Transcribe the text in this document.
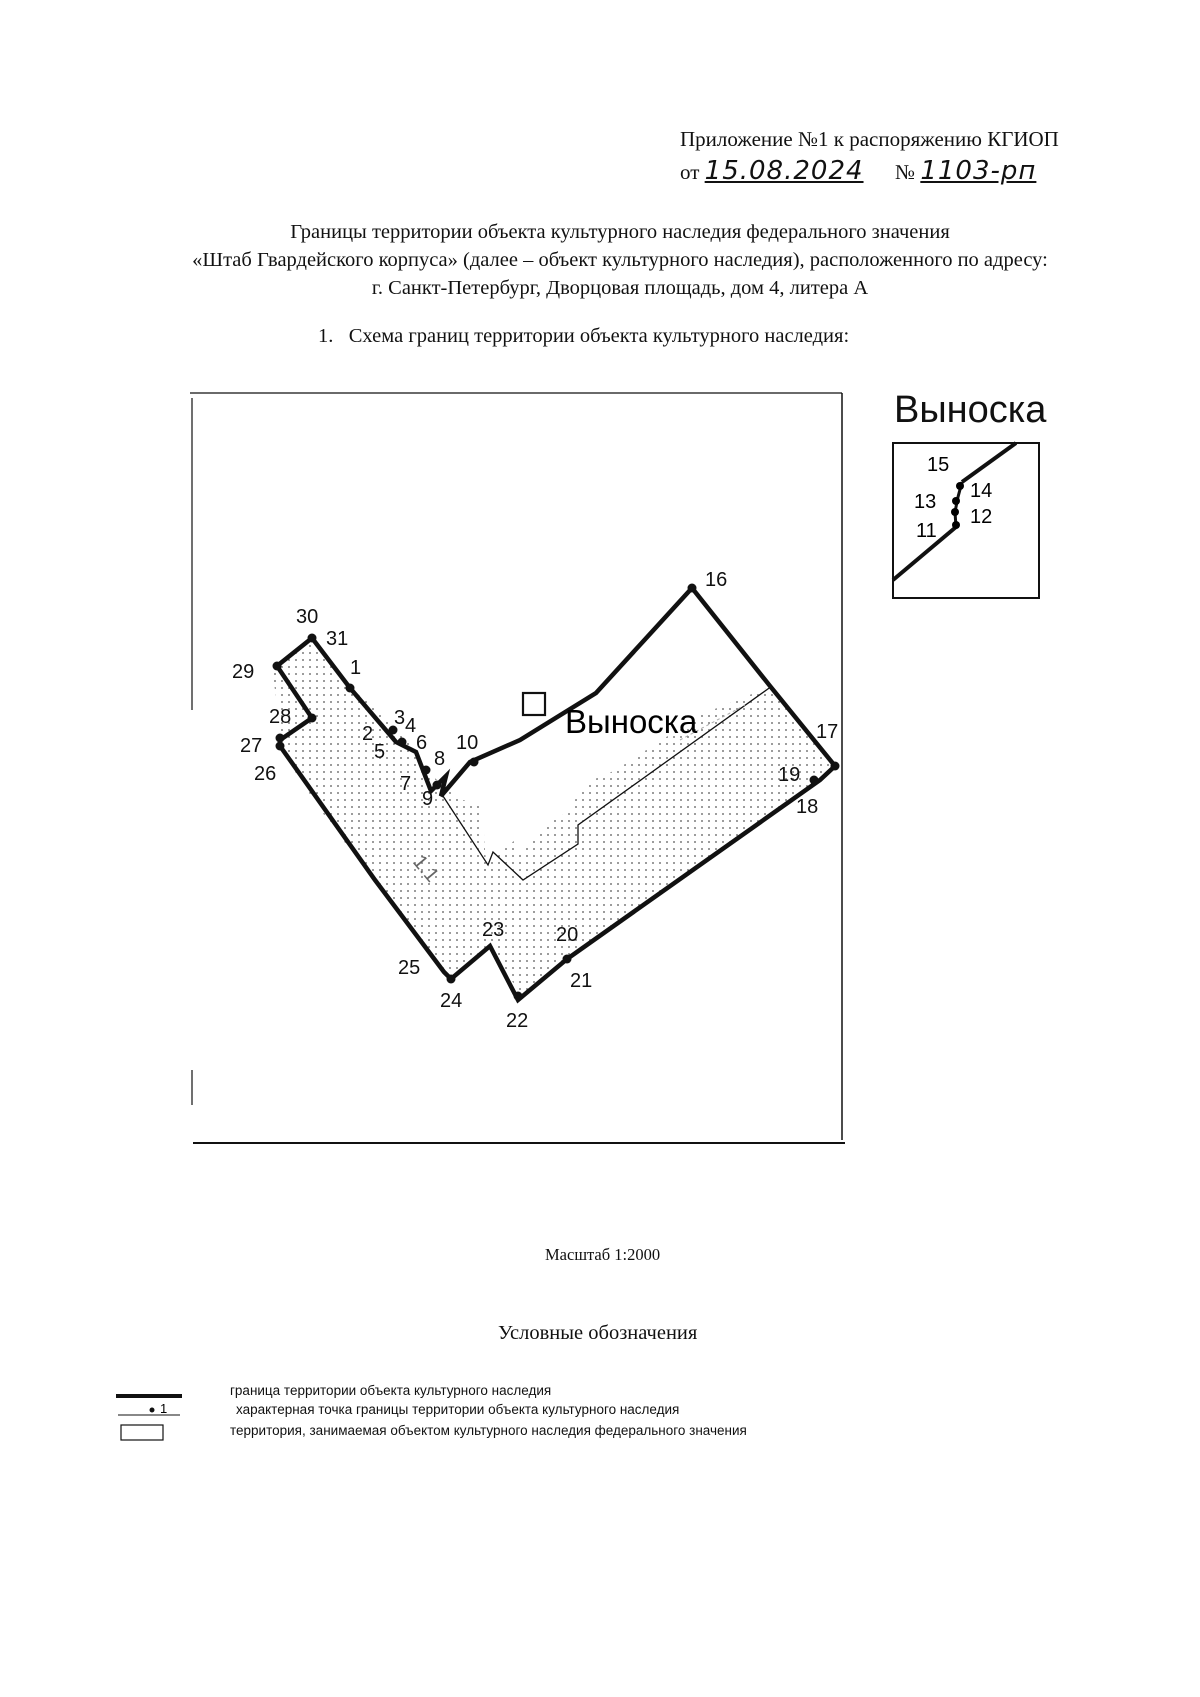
Приложение №1 к распоряжению КГИОП
от 15.08.2024 № 1103-рп
Границы территории объекта культурного наследия федерального значения
«Штаб Гвардейского корпуса» (далее – объект культурного наследия), расположенного по адресу:
г. Санкт-Петербург, Дворцовая площадь, дом 4, литера А
1. Схема границ территории объекта культурного наследия:
Выноска
1
2
3 4
5 6
7
8
9
10
16
17
18
19
20
21
22
23
24
25
26
27
28
29
30
31
1.1
Выноска
11
12
13 14
15
1
Масштаб 1:2000
Условные обозначения
граница территории объекта культурного наследия
характерная точка границы территории объекта культурного наследия
территория, занимаемая объектом культурного наследия федерального значения
